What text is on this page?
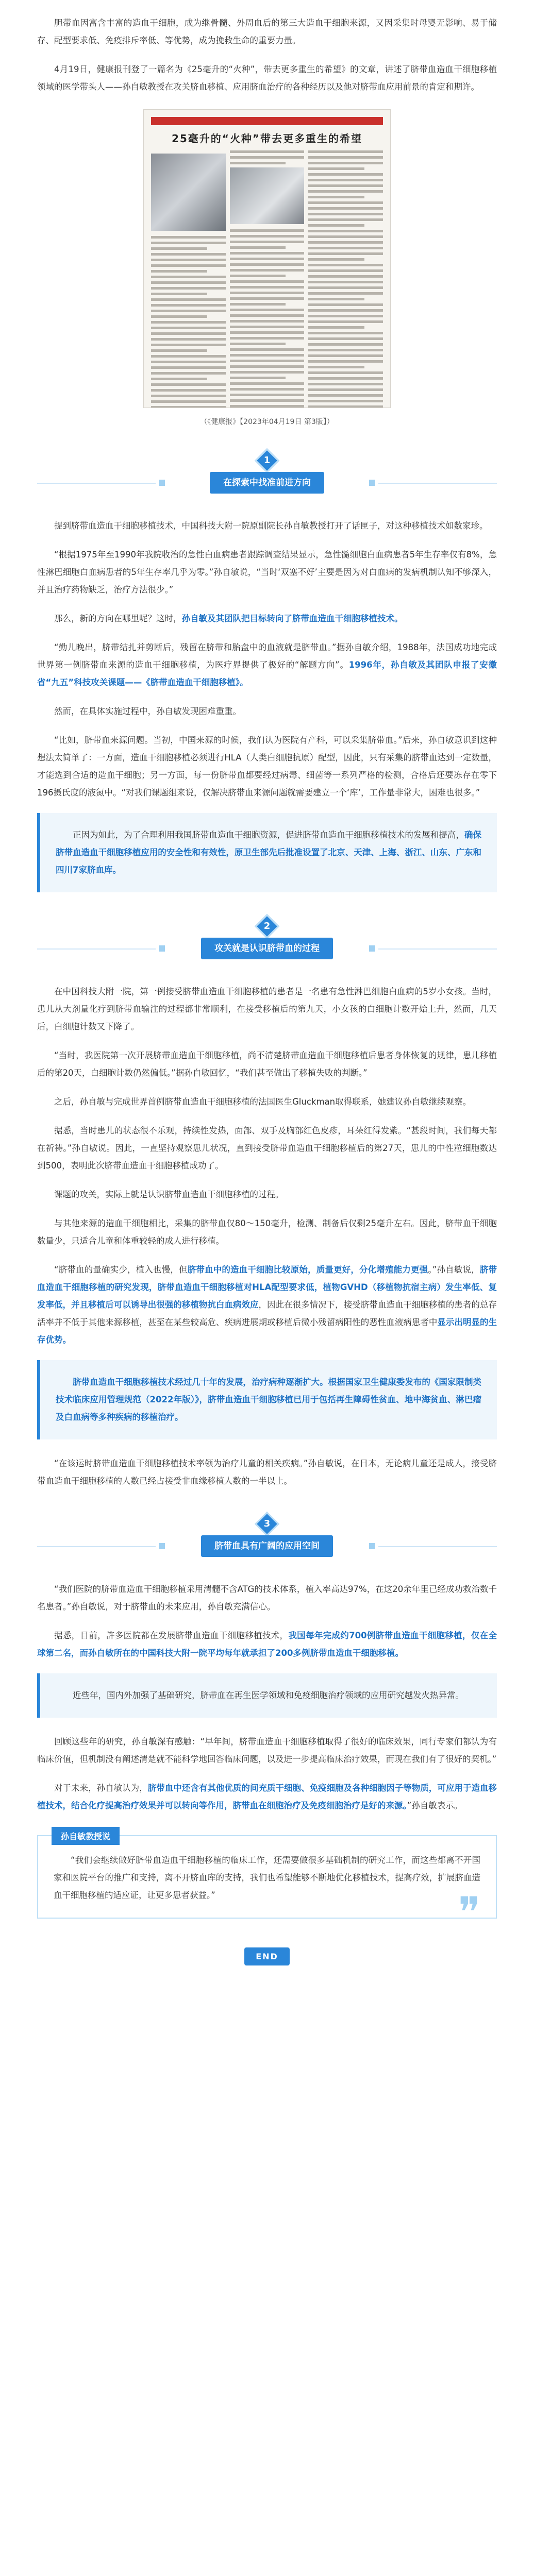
胆带血因富含丰富的造血干细胞，成为继骨髓、外周血后的第三大造血干细胞来源，又因采集时母婴无影响、易于储存、配型要求低、免疫排斥率低、等优势，成为挽救生命的重要力量。

4月19日，健康报刊登了一篇名为《25毫升的“火种”，带去更多重生的希望》的文章，讲述了脐带血造血干细胞移植领域的医学带头人——孙自敏教授在攻关脐血移植、应用脐血治疗的各种经历以及他对脐带血应用前景的肯定和期许。

25毫升的“火种”带去更多重生的希望
（《健康报》【2023年04月19日 第3版】）
1
在探索中找准前进方向

提到脐带血造血干细胞移植技术，中国科技大附一院原副院长孙自敏教授打开了话匣子，对这种移植技术如数家珍。

“根据1975年至1990年我院收治的急性白血病患者跟踪调查结果显示，急性髓细胞白血病患者5年生存率仅有8%，急性淋巴细胞白血病患者的5年生存率几乎为零。”孙自敏说，“当时‘双塞不好’主要是因为对白血病的发病机制认知不够深入，并且治疗药物缺乏，治疗方法很少。”

那么，新的方向在哪里呢？这时，孙自敏及其团队把目标转向了脐带血造血干细胞移植技术。

“勤儿晚出，脐带结扎并剪断后，残留在脐带和胎盘中的血液就是脐带血。”据孙自敏介绍，1988年，法国成功地完成世界第一例脐带血来源的造血干细胞移植，为医疗界提供了极好的“解题方向”。1996年，孙自敏及其团队申报了安徽省“九五”科技攻关课题——《脐带血造血干细胞移植》。

然而，在具体实施过程中，孙自敏发现困难重重。

“比如，脐带血来源问题。当初，中国来源的时候，我们认为医院有产科，可以采集脐带血。”后来，孙自敏意识到这种想法太简单了：一方面，造血干细胞移植必须进行HLA（人类白细胞抗原）配型，因此，只有采集的脐带血达到一定数量，才能选到合适的造血干细胞；另一方面，每一份脐带血都要经过病毒、细菌等一系列严格的检测，合格后还要冻存在零下196摄氏度的液氮中。“对我们课题组来说，仅解决脐带血来源问题就需要建立一个‘库’，工作量非常大，困难也很多。”

正因为如此，为了合理利用我国脐带血造血干细胞资源，促进脐带血造血干细胞移植技术的发展和提高，确保脐带血造血干细胞移植应用的安全性和有效性，原卫生部先后批准设置了北京、天津、上海、浙江、山东、广东和四川7家脐血库。

2
攻关就是认识脐带血的过程

在中国科技大附一院，第一例接受脐带血造血干细胞移植的患者是一名患有急性淋巴细胞白血病的5岁小女孩。当时，患儿从大剂量化疗到脐带血输注的过程都非常顺利，在接受移植后的第九天，小女孩的白细胞计数开始上升，然而，几天后，白细胞计数又下降了。

“当时，我医院第一次开展脐带血造血干细胞移植，尚不清楚脐带血造血干细胞移植后患者身体恢复的规律，患儿移植后的第20天，白细胞计数仍然偏低。”据孙自敏回忆，“我们甚至做出了移植失败的判断。”

之后，孙自敏与完成世界首例脐带血造血干细胞移植的法国医生Gluckman取得联系，她建议孙自敏继续观察。

据悉，当时患儿的状态很不乐观，持续性发热，面部、双手及胸部红色皮疹，耳朵红得发紫。“甚段时间，我们每天都在祈祷。”孙自敏说。因此，一直坚持观察患儿状况，直到接受脐带血造血干细胞移植后的第27天，患儿的中性粒细胞数达到500，表明此次脐带血造血干细胞移植成功了。

课题的攻关，实际上就是认识脐带血造血干细胞移植的过程。

与其他来源的造血干细胞相比，采集的脐带血仅80～150毫升，检测、制备后仅剩25毫升左右。因此，脐带血干细胞数量少，只适合儿童和体重较轻的成人进行移植。

“脐带血的量确实少，植入也慢，但脐带血中的造血干细胞比较原始，质量更好，分化增殖能力更强。”孙自敏说，脐带血造血干细胞移植的研究发现，脐带血造血干细胞移植对HLA配型要求低，植物GVHD（移植物抗宿主病）发生率低、复发率低，并且移植后可以诱导出很强的移植物抗白血病效应，因此在很多情况下，接受脐带血造血干细胞移植的患者的总存活率并不低于其他来源移植，甚至在某些较高危、疾病进展期或移植后微小残留病阳性的恶性血液病患者中显示出明显的生存优势。

脐带血造血干细胞移植技术经过几十年的发展，治疗病种逐渐扩大。根据国家卫生健康委发布的《国家限制类技术临床应用管理规范（2022年版）》，脐带血造血干细胞移植已用于包括再生障碍性贫血、地中海贫血、淋巴瘤及白血病等多种疾病的移植治疗。

“在该运时脐带血造血干细胞移植技术率领为治疗儿童的相关疾病。”孙自敏说，在日本，无论病儿童还是成人，接受脐带血造血干细胞移植的人数已经占接受非血缘移植人数的一半以上。

3
脐带血具有广阔的应用空间

“我们医院的脐带血造血干细胞移植采用清髓不含ATG的技术体系，植入率高达97%，在这20余年里已经成功救治数千名患者。”孙自敏说，对于脐带血的未来应用，孙自敏充满信心。

据悉，目前，許多医院都在发展脐带血造血干细胞移植技术，我国每年完成约700例脐带血造血干细胞移植，仅在全球第二名，而孙自敏所在的中国科技大附一院平均每年就承担了200多例脐带血造血干细胞移植。

近些年，国内外加强了基础研究，脐带血在再生医学领域和免疫细胞治疗领域的应用研究越发火热异常。

回顾这些年的研究，孙自敏深有感触：“早年间，脐带血造血干细胞移植取得了很好的临床效果，同行专家们都认为有临床价值，但机制没有阐述清楚就不能科学地回答临床问题，以及进一步提高临床治疗效果，而现在我们有了很好的契机。”

对于未来，孙自敏认为，脐带血中还含有其他优质的间充质干细胞、免疫细胞及各种细胞因子等物质，可应用于造血移植技术，结合化疗提高治疗效果并可以转向等作用，脐带血在细胞治疗及免疫细胞治疗是好的来源。”孙自敏表示。

孙自敏教授说

“我们会继续做好脐带血造血干细胞移植的临床工作，还需要做很多基础机制的研究工作，而这些都离不开国家和医院平台的推广和支持，离不开脐血库的支持，我们也希望能够不断地优化移植技术，提高疗效，扩展脐血造血干细胞移植的适应证，让更多患者获益。”	❞
END
